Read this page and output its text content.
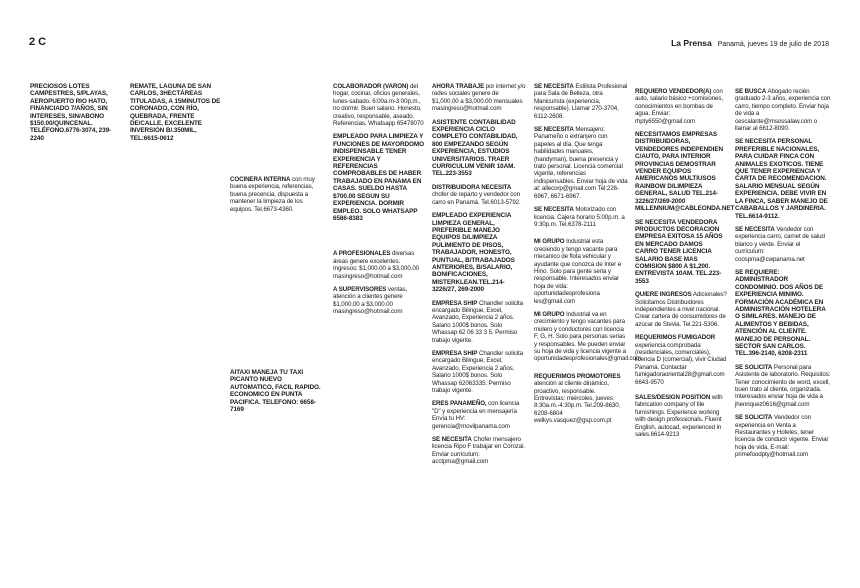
2 C	La Prensa Panamá, jueves 19 de julio de 2018

PRECIOSOS LOTES CAMPESTRES, 5/PLAYAS, AEROPUERTO RIO HATO, FINANCIADO 7/AÑOS, SIN INTERESES, SIN/ABONO $150.00/QUINCENAL. TELÉFONO.6776-3074, 239-2240

REMATE, LAGUNA DE SAN CARLOS, 3HECTÁREAS TITULADAS, A 15MINUTOS DE CORONADO, CON RÍO, QUEBRADA, FRENTE DE/CALLE, EXCELENTE INVERSIÓN B/.350MIL, TEL:6615-0612

COCINERA INTERNA con muy buena experiencia, referencias, buena precencia, dispuesta a mantener la limpieza de los equipos. Tel.6673-4360.

AITAXI MANEJA TU TAXI PICANTO NUEVO AUTOMATICO, FACIL RAPIDO. ECONOMICO EN PUNTA PACIFICA. TELEFONO: 6658-7169

COLABORADOR (VARON) del hogar, cocinar, oficios generales, lunes-sabado. 6:00a.m-3:00p.m., no dormir. Buen salario. Honesto, creativo, responsable, aseado. Referencias. Whatsapp 65478070

EMPLEADO PARA LIMPIEZA Y FUNCIONES DE MAYORDOMO INDISPENSABLE TENER EXPERIENCIA Y REFERENCIAS COMPROBABLES DE HABER TRABAJADO EN PANAMA EN CASAS. SUELDO HASTA $700.00 SEGUN SU EXPERIENCIA. DORMIR EMPLEO. SOLO WHATSAPP 6586-8383

A PROFESIONALES diversas áreas genere excelentes. Ingresos: $1,000.00 a $3,000.00 masingreso@hotmail.com

A SUPERVISORES ventas, atención a clientes genere $1,000.00 a $3,000.00 masingreso@hotmail.com

AHORA TRABAJE por internet y/o redes sociales genere de $1,000.00 a $3,000.00 mensuales masingreso@hotmail.com

ASISTENTE CONTABILIDAD EXPERIENCIA CICLO COMPLETO CONTABILIDAD, 800 EMPEZANDO SEGÚN EXPERIENCIA, ESTUDIOS UNIVERSITARIOS. TRAER CURRICULUM VENIR 10AM. TEL.223-3553

DISTRIBUIDORA NECESITA chofer de reparto y vendedor con carro en Panamá. Tel.6013-5792.

EMPLEADO EXPERIENCIA LIMPIEZA GENERAL, PREFERIBLE MANEJO EQUIPOS D/LIMPIEZA PULIMIENTO DE PISOS, TRABAJADOR, HONESTO, PUNTUAL, B/TRABAJADOS ANTERIORES, B/SALARIO, BONIFICACIONES, MISTERKLEAN.TEL.214-3226/27, 269-2000

EMPRESA SHIP Chandler solicita encargado Bilingue, Excel, Avanzado, Experiencia 2 años. Salario 1000$ bonos. Solo Whassap 62 06 33 3 5. Permiso trabajo vigente.

EMPRESA SHIP Chandler solicita encargado Bilingue, Excel, Avanzado, Experiencia 2 años. Salario 1000$ bonos. Solo Whassap 62063335. Permiso trabajo vigente.

ERES PANAMEÑO, con licencia "D" y experiencia en mensajería Envía tu HV: gerencia@movilpanama.com

SE NECESITA Chofer mensajero licencia Ripo F trabajar en Corozal. Enviar curriculum: acctpma@gmail.com

SE NECESITA Estilista Profesional para Sala de Belleza, otra Manicurista (experiencia, responsable). Llamar 270-3704, 6112-2608.

SE NECESITA Mensajero: Panameño o extranjero con papeles al día. Que tenga habilidades manuales, (handyman), buena presencia y trato personal. Licencia comercial vigente, referencias indispensables. Enviar hoja de vida al: allecorp@gmail.com Tel:226-6967, 6671-6967.

SE NECESITA Motorizado con licencia. Cajera horario 5:00p.m. a 9:30p.m. Tel.6378-2111

MI GRUPO Industrial esta creciendo y tengo vacante para mecanico de flota vehicular y ayudante que conozca de Inter e Hino. Solo para gente seria y responsable. Interesados enviar hoja de vida: oportunidadesprofesiona les@gmail.com

MI GRUPO Industrial va en crecimiento y tengo vacantes para mulero y conductores con licencia F, G, H. Solo para personas serias y responsables. Me pueden enviar su hoja de vida y licencia vigente a oportunidadesprofesionales@gmail.com

REQUERIMOS PROMOTORES atención al cliente dinámico, proactivo, responsable. Entrevistas: miércoles, jueves 8:30a.m.-4:30p.m. Tel.209-8630, 6208-6804 welkys.vasquez@gsp.com.pt

REQUIERO VENDEDOR(A) con auto, salario básico +comisiones, conocimientos en bombas de agua. Enviar: rhpty6550@gmail.com

NECESITAMOS EMPRESAS DISTRIBUIDORAS, VENDEDORES INDEPENDIEN C/AUTO, PARA INTERIOR PROVINCIAS DEMOSTRAR VENDER EQUIPOS AMERICANOS MULTIUSOS RAINBOW D/LIMPIEZA GENERAL, SALUD TEL.214-3226/27/269-2000 MILLENNIUM@CABLEONDA.NET

SE NECESITA VENDEDORA PRODUCTOS DECORACION EMPRESA EXITOSA 15 AÑOS EN MERCADO DAMOS CARRO TENER LICENCIA SALARIO BASE MAS COMISION $800 A $1,200. ENTREVISTA 10AM. TEL.223-3553

QUIERE INGRESOS Adicionales? Solicitamos Distribuidores independientes a nivel nacional. Crear cartera de consumidores de azúcar de Stevia. Tel.221-5306.

REQUERIMOS FUMIGADOR experiencia comprobada (residenciales, comerciales), licencia D (comercial), vivir Ciudad Panamá. Contactar fumigadoraoriental28@gmail.com 6643-9570

SALES/DESIGN POSITION with fabrication company of tile furnishings. Experience working with design professionals. Fluent English, autocad, experienced in sales.6614-9213

SE BUSCA Abogado recién graduado 2-3 años, experiencia con carro, tiempo completo. Enviar hoja de vida a cescalante@msossalaw.com o llamar al 6612-8090.

SE NECESITA PERSONAL PREFERIBLE NACIONALES, PARA CUIDAR FINCA CON ANIMALES EXOTICOS. TIENE QUE TENER EXPERIENCIA Y CARTA DE RECOMENDACION. SALARIO MENSUAL SEGÚN EXPERIENCIA. DEBE VIVIR EN LA FINCA, SABER MANEJO DE CABABALLOS Y JARDINERIA. TEL.6614-9112.

SE NECESITA Vendedor con experiencia carro, carnet de salud blanco y verde. Enviar el currículum: coospma@cwpanama.net

SE REQUIERE: ADMINISTRADOR CONDOMINIO. DOS AÑOS DE EXPERIENCIA MINIMO. FORMACIÓN ACADÉMICA EN ADMINISTRACIÓN HOTELERA O SIMILARES. MANEJO DE ALIMENTOS Y BEBIDAS, ATENCIÓN AL CLIENTE. MANEJO DE PERSONAL. SECTOR SAN CARLOS. TEL.396-2140, 6208-2311

SE SOLICITA Personal para Asistente de laboratorio. Requisitos: Tener conocimiento de word, excell, buen trato al cliente, organizada. Interesados enviar hoja de vida a jhenriquez0616@gmail.com

SE SOLICITA Vendedor con experiencia en Venta a Restaurantes y Hoteles, tener licencia de conducir vigente. Enviar hoja de vida, E-mail: primefoodpty@hotmail.com
